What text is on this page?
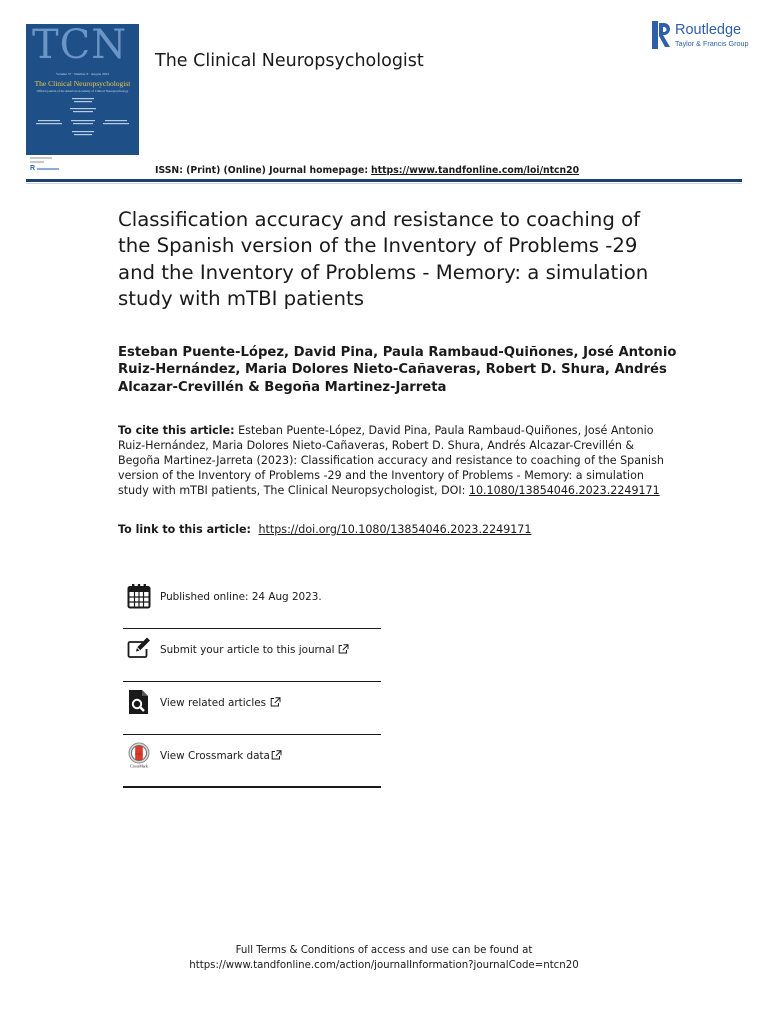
TCN
Volume 37 · Number 6 · August 2023
The Clinical Neuropsychologist
Official journal of the American Academy of Clinical Neuropsychology
R
The Clinical Neuropsychologist
Routledge
Taylor & Francis Group
ISSN: (Print) (Online) Journal homepage: https://www.tandfonline.com/loi/ntcn20
Classification accuracy and resistance to coaching of the Spanish version of the Inventory of Problems -29 and the Inventory of Problems - Memory: a simulation study with mTBI patients
Esteban Puente-López, David Pina, Paula Rambaud-Quiñones, José Antonio Ruiz-Hernández, Maria Dolores Nieto-Cañaveras, Robert D. Shura, Andrés Alcazar-Crevillén & Begoña Martinez-Jarreta
To cite this article: Esteban Puente-López, David Pina, Paula Rambaud-Quiñones, José Antonio Ruiz-Hernández, Maria Dolores Nieto-Cañaveras, Robert D. Shura, Andrés Alcazar-Crevillén & Begoña Martinez-Jarreta (2023): Classification accuracy and resistance to coaching of the Spanish version of the Inventory of Problems -29 and the Inventory of Problems - Memory: a simulation study with mTBI patients, The Clinical Neuropsychologist, DOI: 10.1080/13854046.2023.2249171
To link to this article: https://doi.org/10.1080/13854046.2023.2249171
Published online: 24 Aug 2023.
Submit your article to this journal
View related articles
CrossMark
View Crossmark data
Full Terms & Conditions of access and use can be found at
https://www.tandfonline.com/action/journalInformation?journalCode=ntcn20
